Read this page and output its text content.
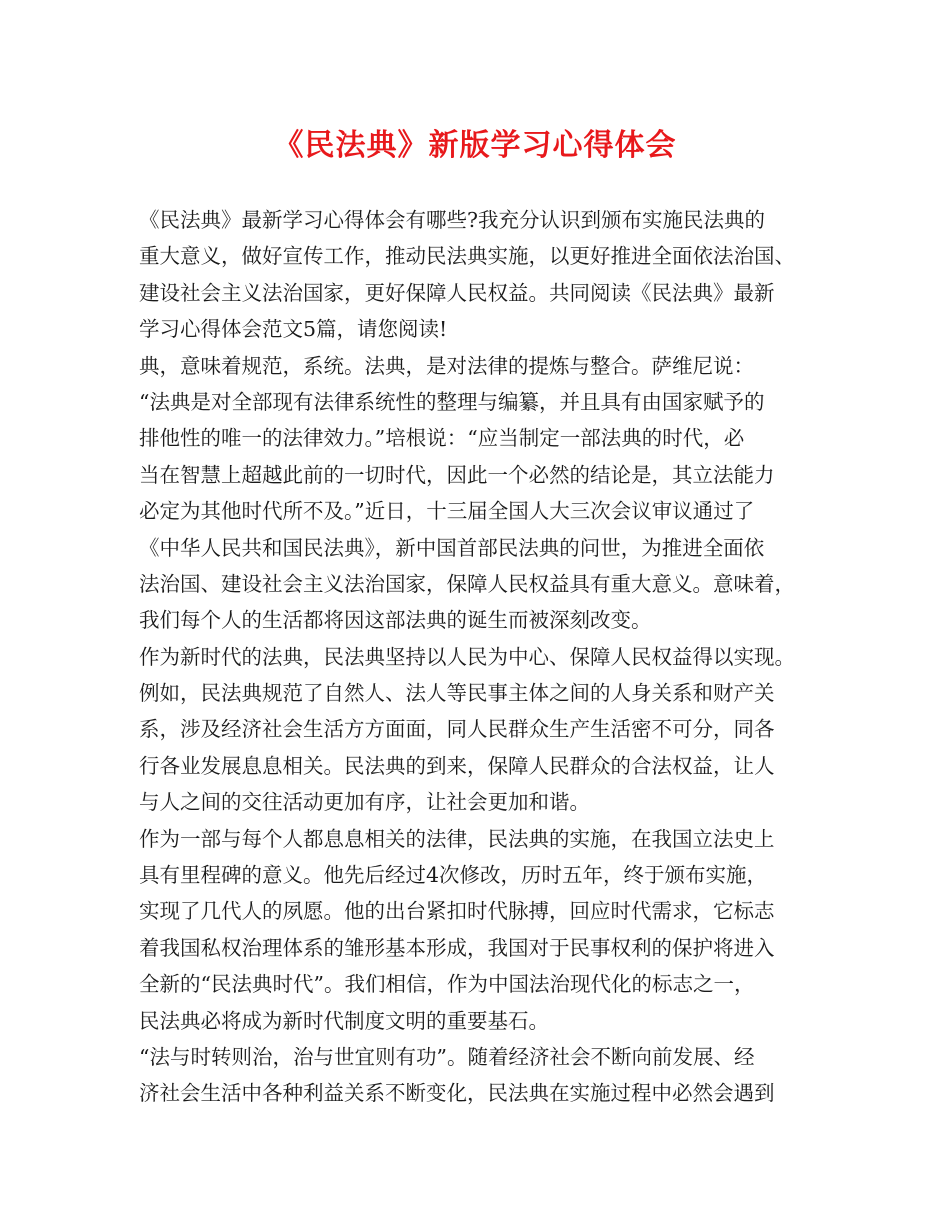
《民法典》新版学习心得体会
《民法典》最新学习心得体会有哪些?我充分认识到颁布实施民法典的
重大意义，做好宣传工作，推动民法典实施，以更好推进全面依法治国、
建设社会主义法治国家，更好保障人民权益。共同阅读《民法典》最新
学习心得体会范文5篇，请您阅读!
典，意味着规范，系统。法典，是对法律的提炼与整合。萨维尼说：
“法典是对全部现有法律系统性的整理与编纂，并且具有由国家赋予的
排他性的唯一的法律效力。”培根说：“应当制定一部法典的时代，必
当在智慧上超越此前的一切时代，因此一个必然的结论是，其立法能力
必定为其他时代所不及。”近日，十三届全国人大三次会议审议通过了
《中华人民共和国民法典》，新中国首部民法典的问世，为推进全面依
法治国、建设社会主义法治国家，保障人民权益具有重大意义。意味着，
我们每个人的生活都将因这部法典的诞生而被深刻改变。
作为新时代的法典，民法典坚持以人民为中心、保障人民权益得以实现。
例如，民法典规范了自然人、法人等民事主体之间的人身关系和财产关
系，涉及经济社会生活方方面面，同人民群众生产生活密不可分，同各
行各业发展息息相关。民法典的到来，保障人民群众的合法权益，让人
与人之间的交往活动更加有序，让社会更加和谐。
作为一部与每个人都息息相关的法律，民法典的实施，在我国立法史上
具有里程碑的意义。他先后经过4次修改，历时五年，终于颁布实施，
实现了几代人的夙愿。他的出台紧扣时代脉搏，回应时代需求，它标志
着我国私权治理体系的雏形基本形成，我国对于民事权利的保护将进入
全新的“民法典时代”。我们相信，作为中国法治现代化的标志之一，
民法典必将成为新时代制度文明的重要基石。
“法与时转则治，治与世宜则有功”。随着经济社会不断向前发展、经
济社会生活中各种利益关系不断变化，民法典在实施过程中必然会遇到
